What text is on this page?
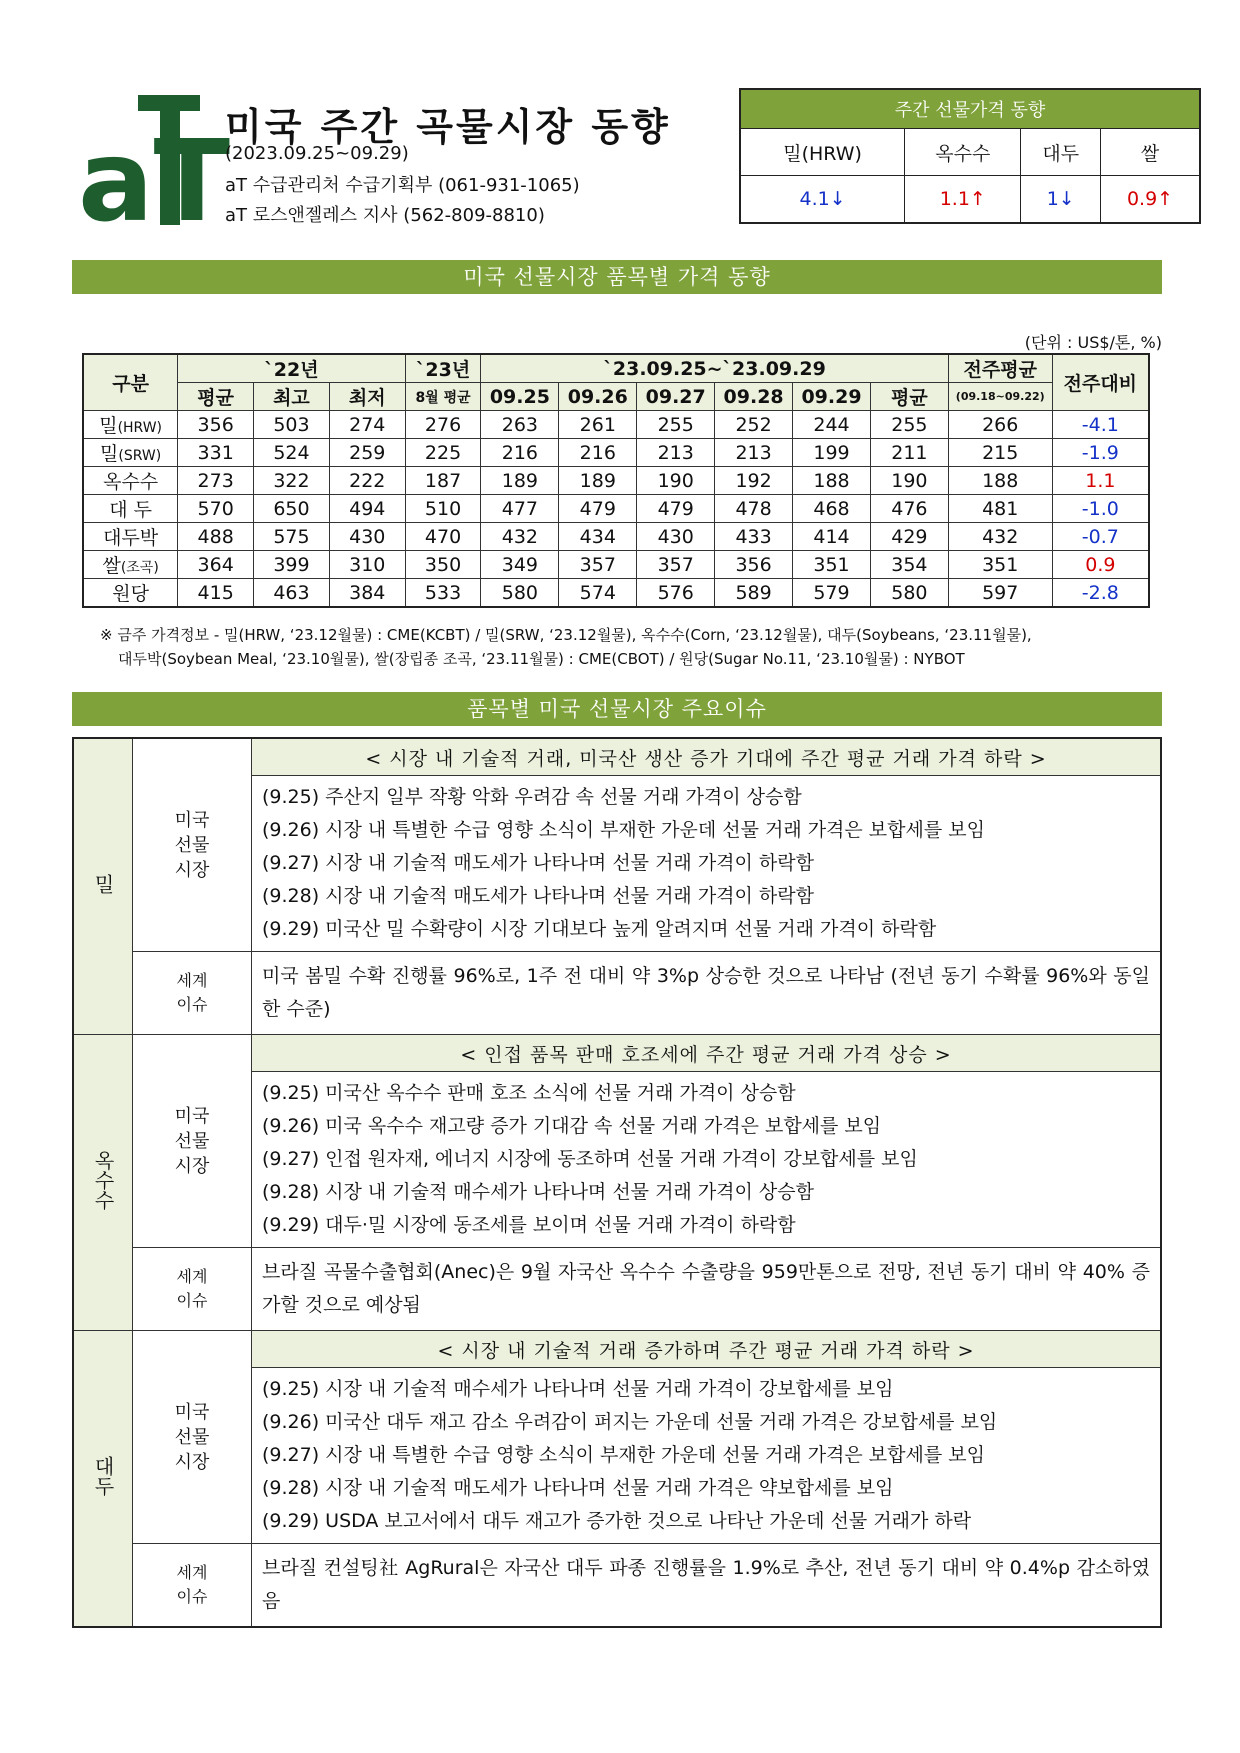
aT
미국 주간 곡물시장 동향
(2023.09.25~09.29)
aT 수급관리처 수급기획부 (061-931-1065)
aT 로스앤젤레스 지사 (562-809-8810)
주간 선물가격 동향			
밀(HRW)	옥수수	대두	쌀
4.1↓	1.1↑	1↓	0.9↑
미국 선물시장 품목별 가격 동향
(단위 : US$/톤, %)
구분	`22년			`23년	`23.09.25~`23.09.29						전주평균	전주대비
	평균	최고	최저	8월 평균	09.25	09.26	09.27	09.28	09.29	평균	(09.18~09.22)	
밀(HRW)	356	503	274	276	263	261	255	252	244	255	266	-4.1
밀(SRW)	331	524	259	225	216	216	213	213	199	211	215	-1.9
옥수수	273	322	222	187	189	189	190	192	188	190	188	1.1
대 두	570	650	494	510	477	479	479	478	468	476	481	-1.0
대두박	488	575	430	470	432	434	430	433	414	429	432	-0.7
쌀(조곡)	364	399	310	350	349	357	357	356	351	354	351	0.9
원당	415	463	384	533	580	574	576	589	579	580	597	-2.8
※ 금주 가격정보 - 밀(HRW, ‘23.12월물) : CME(KCBT) / 밀(SRW, ‘23.12월물), 옥수수(Corn, ‘23.12월물), 대두(Soybeans, ‘23.11월물),
대두박(Soybean Meal, ‘23.10월물), 쌀(장립종 조곡, ‘23.11월물) : CME(CBOT) / 원당(Sugar No.11, ‘23.10월물) : NYBOT
품목별 미국 선물시장 주요이슈
밀	미국 선물 시장	< 시장 내 기술적 거래, 미국산 생산 증가 기대에 주간 평균 거래 가격 하락 >

		(9.25) 주산지 일부 작황 악화 우려감 속 선물 거래 가격이 상승함
(9.26) 시장 내 특별한 수급 영향 소식이 부재한 가운데 선물 거래 가격은 보합세를 보임
(9.27) 시장 내 기술적 매도세가 나타나며 선물 거래 가격이 하락함
(9.28) 시장 내 기술적 매도세가 나타나며 선물 거래 가격이 하락함
(9.29) 미국산 밀 수확량이 시장 기대보다 높게 알려지며 선물 거래 가격이 하락함

	세계 이슈	미국 봄밀 수확 진행률 96%로, 1주 전 대비 약 3%p 상승한 것으로 나타남 (전년 동기 수확률 96%와 동일한 수준)
옥수수	미국 선물 시장	< 인접 품목 판매 호조세에 주간 평균 거래 가격 상승 >

		(9.25) 미국산 옥수수 판매 호조 소식에 선물 거래 가격이 상승함
(9.26) 미국 옥수수 재고량 증가 기대감 속 선물 거래 가격은 보합세를 보임
(9.27) 인접 원자재, 에너지 시장에 동조하며 선물 거래 가격이 강보합세를 보임
(9.28) 시장 내 기술적 매수세가 나타나며 선물 거래 가격이 상승함
(9.29) 대두·밀 시장에 동조세를 보이며 선물 거래 가격이 하락함

	세계 이슈	브라질 곡물수출협회(Anec)은 9월 자국산 옥수수 수출량을 959만톤으로 전망, 전년 동기 대비 약 40% 증가할 것으로 예상됨
대두	미국 선물 시장	< 시장 내 기술적 거래 증가하며 주간 평균 거래 가격 하락 >

		(9.25) 시장 내 기술적 매수세가 나타나며 선물 거래 가격이 강보합세를 보임
(9.26) 미국산 대두 재고 감소 우려감이 퍼지는 가운데 선물 거래 가격은 강보합세를 보임
(9.27) 시장 내 특별한 수급 영향 소식이 부재한 가운데 선물 거래 가격은 보합세를 보임
(9.28) 시장 내 기술적 매도세가 나타나며 선물 거래 가격은 약보합세를 보임
(9.29) USDA 보고서에서 대두 재고가 증가한 것으로 나타난 가운데 선물 거래가 하락

	세계 이슈	브라질 컨설팅社 AgRural은 자국산 대두 파종 진행률을 1.9%로 추산, 전년 동기 대비 약 0.4%p 감소하였음
